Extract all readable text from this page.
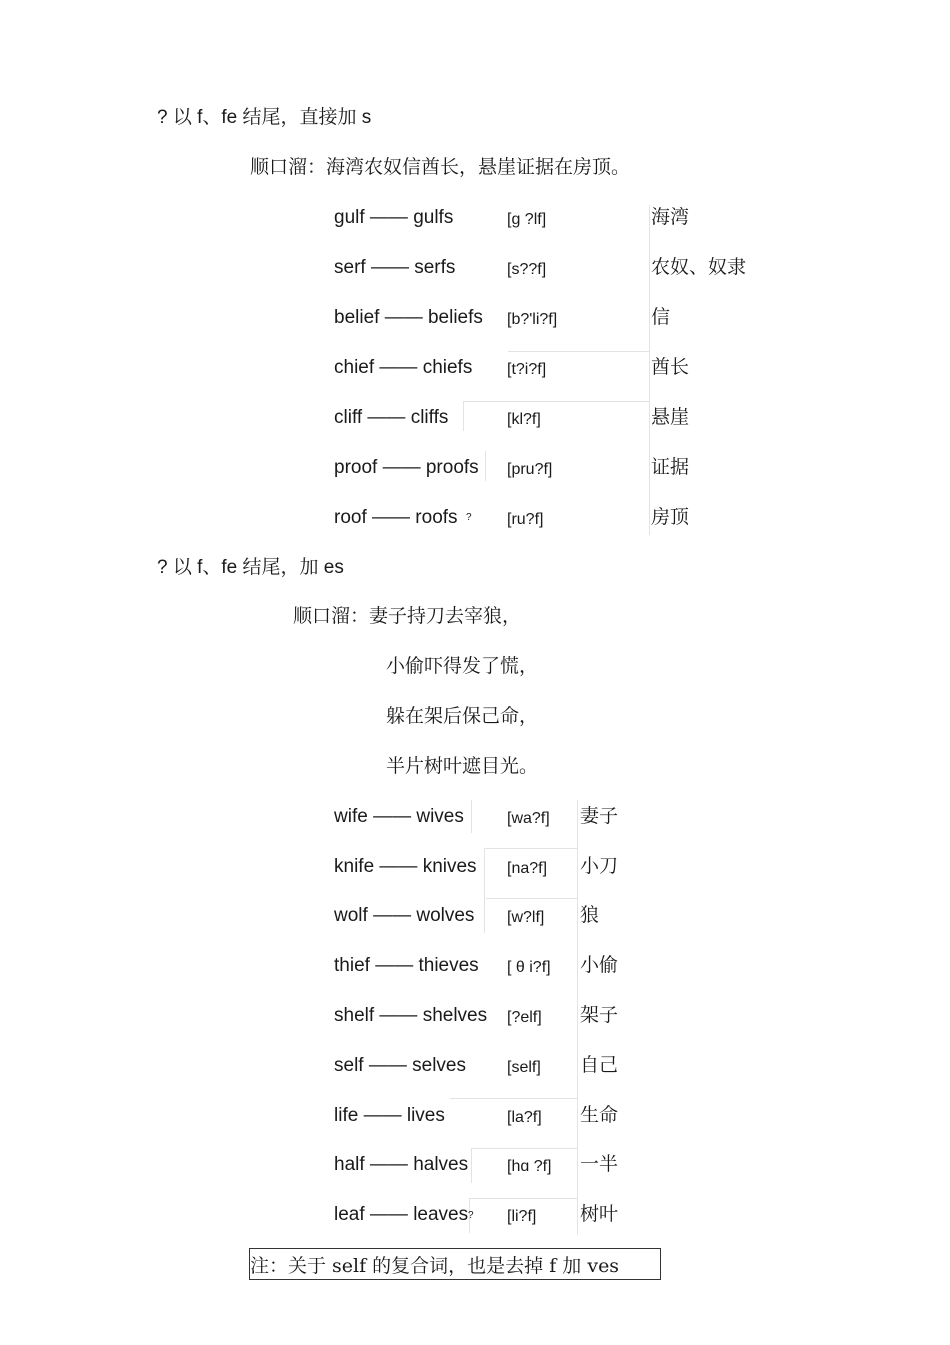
? 以 f、fe 结尾，直接加 s
顺口溜：海湾农奴信酋长，悬崖证据在房顶。
gulf —— gulfs	[ɡ ?lf]	海湾
serf —— serfs	[s??f]	农奴、奴隶
belief —— beliefs [b?'li?f]	信
chief —— chiefs [t?i?f]	酋长
cliff —— cliffs	[kl?f]	悬崖
proof —— proofs [pru?f]	证据
roof —— roofs ? [ru?f]	房顶
? 以 f、fe 结尾，加 es
顺口溜：妻子持刀去宰狼，
小偷吓得发了慌，
躲在架后保己命，
半片树叶遮目光。
wife —— wives	[wa?f] 妻子
knife —— knives [na?f] 小刀
wolf —— wolves [w?lf] 狼
thief —— thieves [ θ i?f] 小偷
shelf —— shelves [?elf] 架子
self —— selves	[self] 自己
life —— lives	[la?f] 生命
half —— halves [hɑ ?f] 一半
leaf —— leaves ? [li?f] 树叶
注：关于 self 的复合词，也是去掉 f 加 ves
